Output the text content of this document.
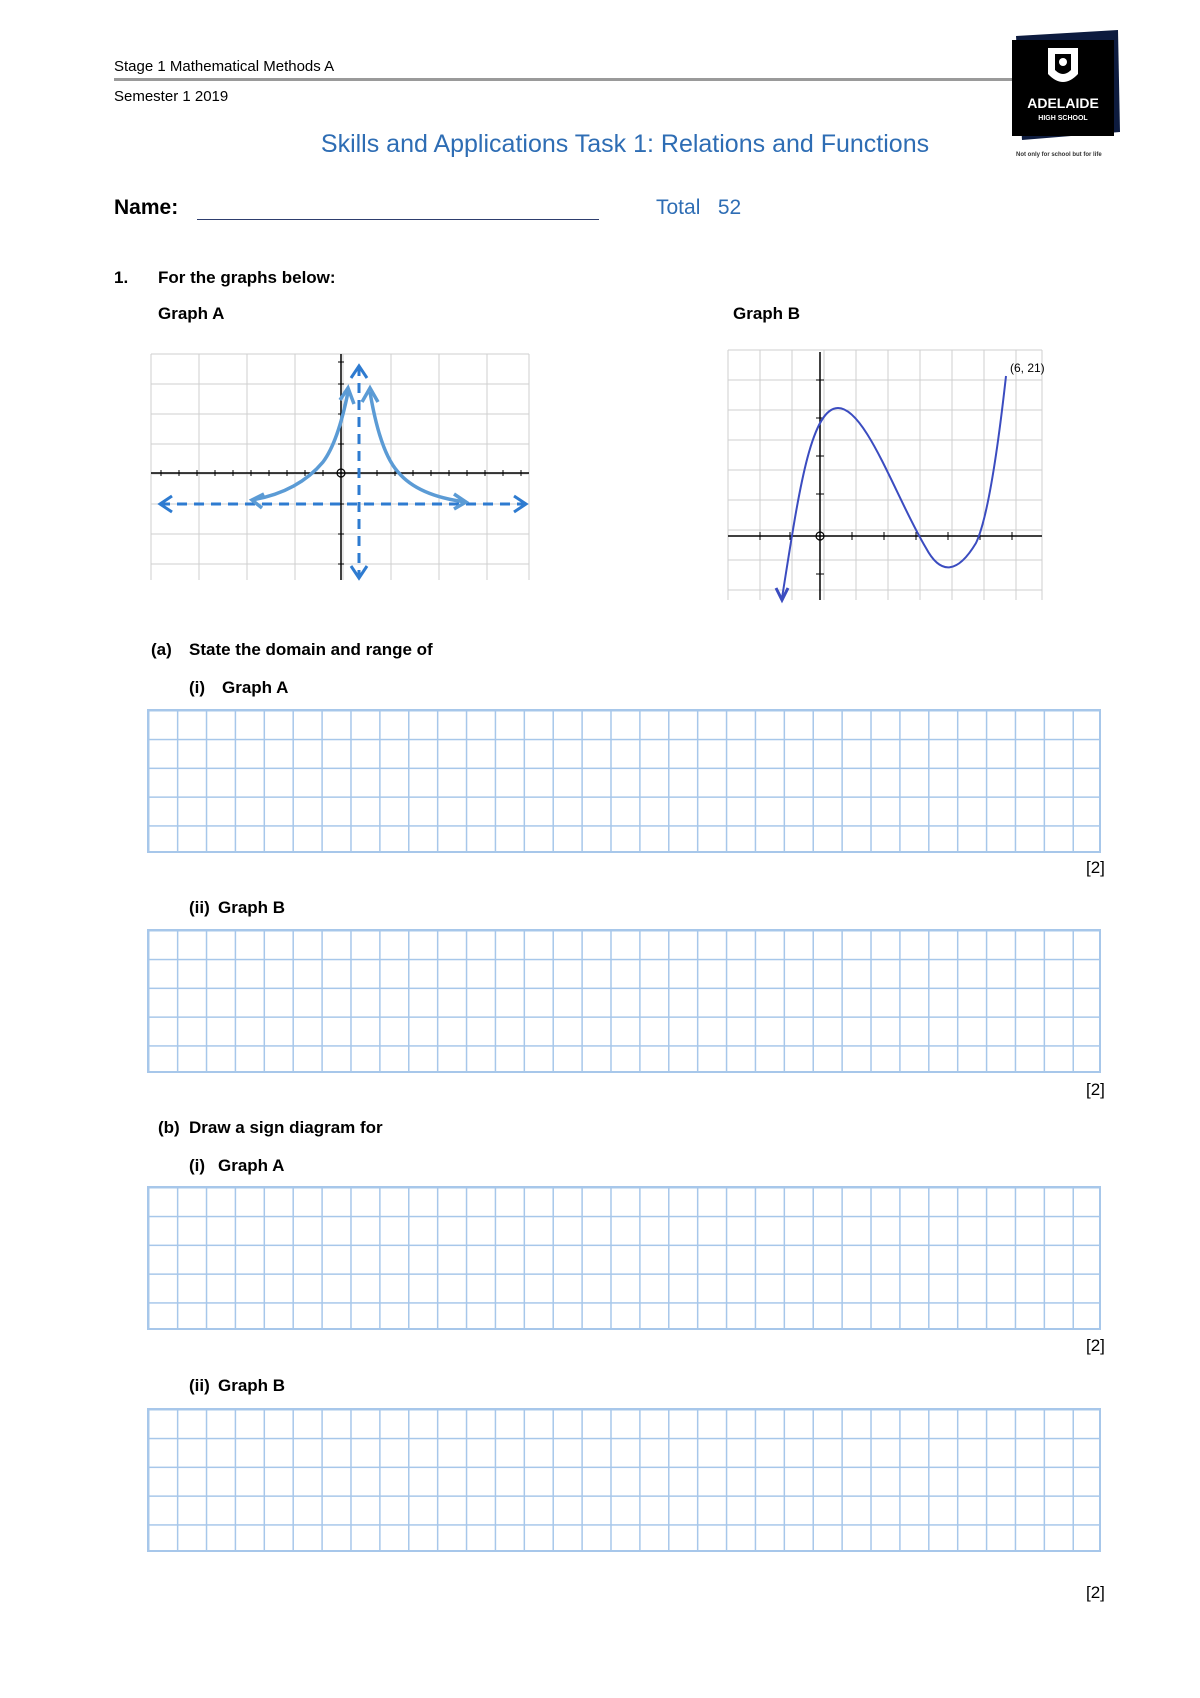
Stage 1 Mathematical Methods A
Semester 1 2019	ADELAIDE
HIGH SCHOOL
Not only for school but for life
Skills and Applications Task 1: Relations and Functions
Name:	Total 52
1. For the graphs below:
Graph A	Graph B
(6, 21)
(a) State the domain and range of
(i) Graph A
[2]
(ii) Graph B
[2]
(b) Draw a sign diagram for
(i) Graph A
[2]
(ii) Graph B
[2]
